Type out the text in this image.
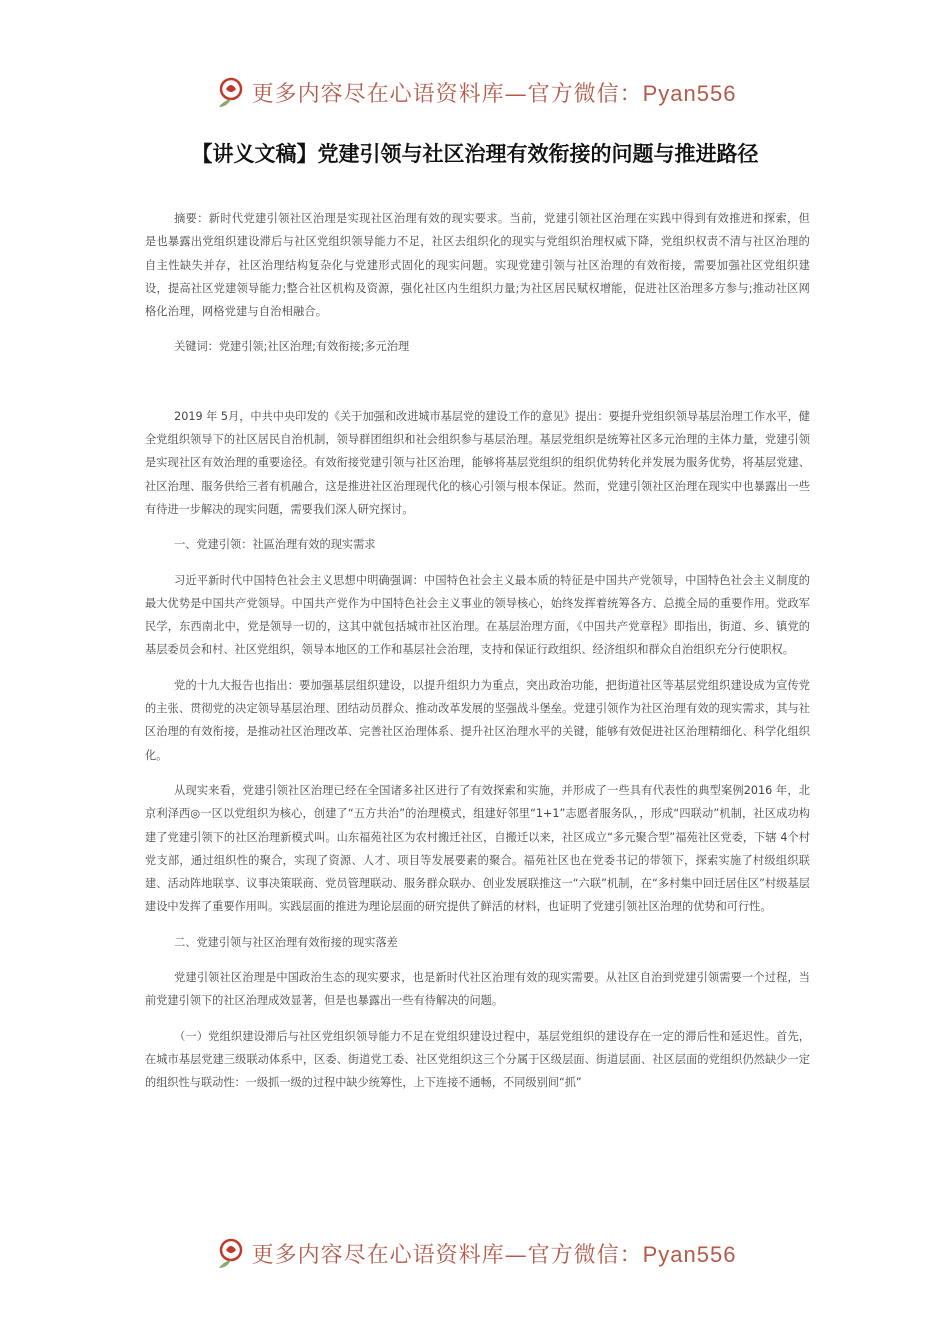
更多内容尽在心语资料库—官方微信：Pyan556
【讲义文稿】党建引领与社区治理有效衔接的问题与推进路径

摘要：新时代党建引领社区治理是实现社区治理有效的现实要求。当前，党建引领社区治理在实践中得到有效推进和探索，但是也暴露出党组织建设滞后与社区党组织领导能力不足，社区去组织化的现实与党组织治理权威下降，党组织权责不清与社区治理的自主性缺失并存，社区治理结构复杂化与党建形式固化的现实问题。实现党建引领与社区治理的有效衔接，需要加强社区党组织建设，提高社区党建领导能力;整合社区机构及资源，强化社区内生组织力量;为社区居民赋权增能，促进社区治理多方参与;推动社区网格化治理，网格党建与自治相融合。

关键词：党建引领;社区治理;有效衔接;多元治理

2019 年 5月，中共中央印发的《关于加强和改进城市基层党的建设工作的意见》提出：要提升党组织领导基层治理工作水平，健全党组织领导下的社区居民自治机制，领导群团组织和社会组织参与基层治理。基层党组织是统筹社区多元治理的主体力量，党建引领是实现社区有效治理的重要途径。有效衔接党建引领与社区治理，能够将基层党组织的组织优势转化并发展为服务优势，将基层党建、社区治理、服务供给三者有机融合，这是推进社区治理现代化的核心引领与根本保证。然而，党建引领社区治理在现实中也暴露出一些有待进一步解决的现实问题，需要我们深人研究探讨。

一、党建引领：社區治理有效的现实需求

习近平新时代中国特色社会主义思想中明确强调：中国特色社会主义最本质的特征是中国共产党领导，中国特色社会主义制度的最大优势是中国共产党领导。中国共产党作为中国特色社会主义事业的领导核心，始终发挥着统筹各方、总揽全局的重要作用。党政军民学，东西南北中，党是领导一切的，这其中就包括城市社区治理。在基层治理方面，《中国共产党章程》即指出，街道、乡、镇党的基层委员会和村、社区党组织，领导本地区的工作和基层社会治理，支持和保证行政组织、经济组织和群众自治组织充分行使职权。

党的十九大报告也指出：要加强基层组织建设，以提升组织力为重点，突出政治功能，把街道社区等基层党组织建设成为宣传党的主张、贯彻党的决定领导基层治理、团结动员群众、推动改革发展的坚强战斗堡垒。党建引领作为社区治理有效的现实需求，其与社区治理的有效衔接，是推动社区治理改革、完善社区治理体系、提升社区治理水平的关键，能够有效促进社区治理精细化、科学化组织化。

从现实来看，党建引领社区治理已经在全国诸多社区进行了有效探索和实施，并形成了一些具有代表性的典型案例2016 年，北京利泽西◎一区以党组织为核心，创建了“五方共治”的治理模式，组建好邻里“1+1”志愿者服务队，，形成“四联动”机制，社区成功构建了党建引领下的社区治理新模式叫。山东福苑社区为农村搬迁社区，自搬迁以来，社区成立“多元聚合型”福苑社区党委，下辖 4个村党支部，通过组织性的聚合，实现了资源、人才、项目等发展要素的聚合。福苑社区也在党委书记的带领下，探索实施了村级组织联建、活动阵地联享、议事决策联商、党员管理联动、服务群众联办、创业发展联推这一“六联”机制，在“多村集中回迁居住区”村级基层建设中发挥了重要作用叫。实践层面的推进为理论层面的研究提供了鲜活的材料，也证明了党建引领社区治理的优势和可行性。

二、党建引领与社区治理有效衔接的现实落差

党建引领社区治理是中国政治生态的现实要求，也是新时代社区治理有效的现实需要。从社区自治到党建引领需要一个过程，当前党建引领下的社区治理成效显著，但是也暴露出一些有待解决的问题。

（一）党组织建设滞后与社区党组织领导能力不足在党组织建设过程中，基层党组织的建设存在一定的滞后性和延迟性。首先，在城市基层党建三级联动体系中，区委、街道党工委、社区党组织这三个分属于区级层面、街道层面、社区层面的党组织仍然缺少一定的组织性与联动性：一级抓一级的过程中缺少统筹性，上下连接不通畅，不同级别间“抓”

更多内容尽在心语资料库—官方微信：Pyan556
